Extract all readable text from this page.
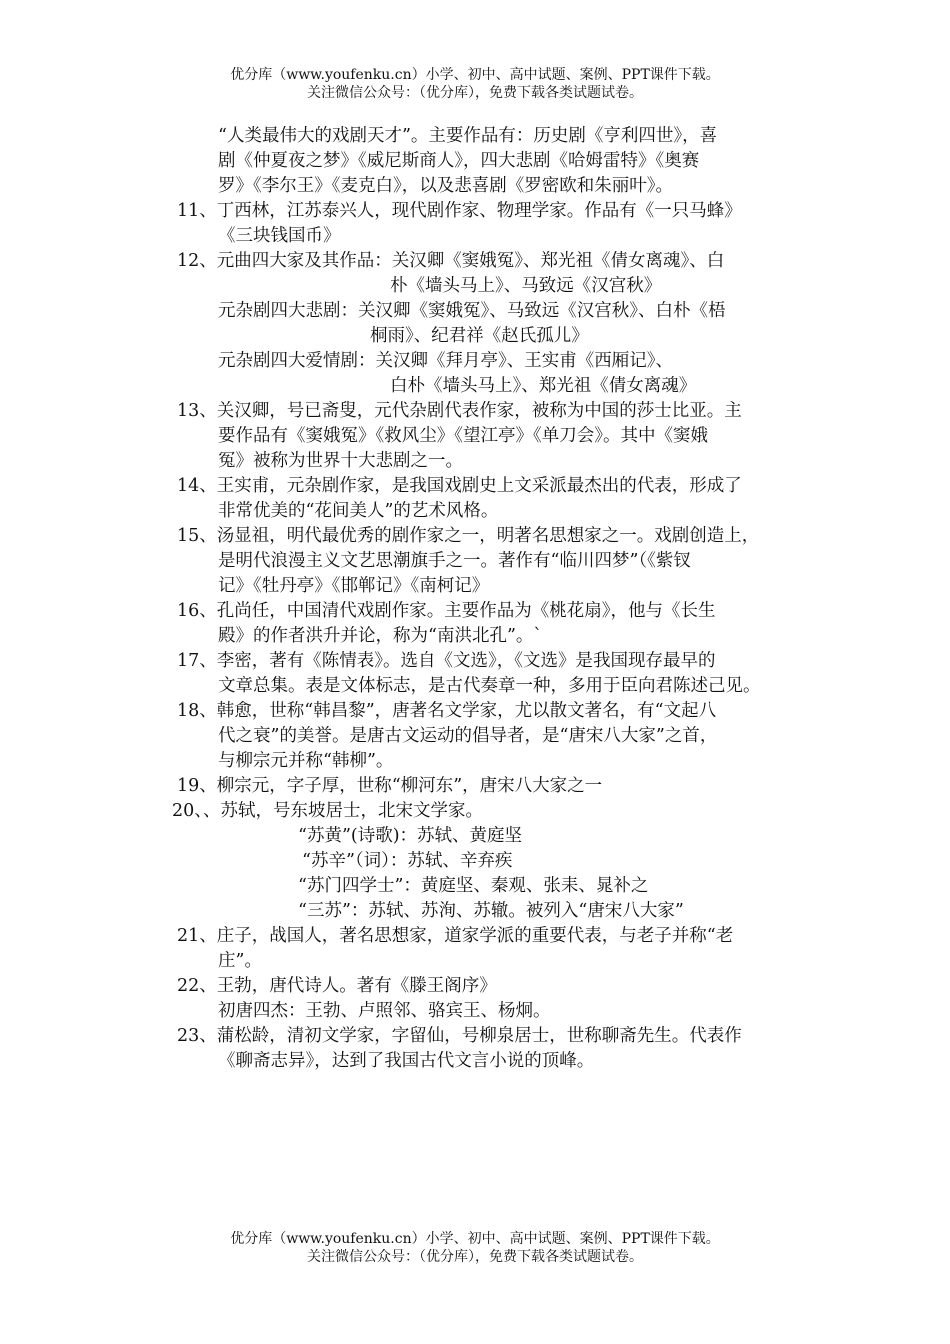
优分库（www.youfenku.cn）小学、初中、高中试题、案例、PPT课件下载。
关注微信公众号：（优分库），免费下载各类试题试卷。
“人类最伟大的戏剧天才”。主要作品有：历史剧《亨利四世》，喜
剧《仲夏夜之梦》《威尼斯商人》，四大悲剧《哈姆雷特》《奥赛
罗》《李尔王》《麦克白》，以及悲喜剧《罗密欧和朱丽叶》。
11、丁西林，江苏泰兴人，现代剧作家、物理学家。作品有《一只马蜂》
《三块钱国币》
12、元曲四大家及其作品：关汉卿《窦娥冤》、郑光祖《倩女离魂》、白
朴《墙头马上》、马致远《汉宫秋》
元杂剧四大悲剧：关汉卿《窦娥冤》、马致远《汉宫秋》、白朴《梧
桐雨》、纪君祥《赵氏孤儿》
元杂剧四大爱情剧：关汉卿《拜月亭》、王实甫《西厢记》、
白朴《墙头马上》、郑光祖《倩女离魂》
13、关汉卿，号已斋叟，元代杂剧代表作家，被称为中国的莎士比亚。主
要作品有《窦娥冤》《救风尘》《望江亭》《单刀会》。其中《窦娥
冤》被称为世界十大悲剧之一。
14、王实甫，元杂剧作家，是我国戏剧史上文采派最杰出的代表，形成了
非常优美的“花间美人”的艺术风格。
15、汤显祖，明代最优秀的剧作家之一，明著名思想家之一。戏剧创造上，
是明代浪漫主义文艺思潮旗手之一。著作有“临川四梦”（《紫钗
记》《牡丹亭》《邯郸记》《南柯记》
16、孔尚任，中国清代戏剧作家。主要作品为《桃花扇》，他与《长生
殿》的作者洪升并论，称为“南洪北孔”。`
17、李密，著有《陈情表》。选自《文选》，《文选》是我国现存最早的
文章总集。表是文体标志，是古代奏章一种，多用于臣向君陈述己见。
18、韩愈，世称“韩昌黎”，唐著名文学家，尤以散文著名，有“文起八
代之衰”的美誉。是唐古文运动的倡导者，是“唐宋八大家”之首，
与柳宗元并称“韩柳”。
19、柳宗元，字子厚，世称“柳河东”，唐宋八大家之一
20、、苏轼，号东坡居士，北宋文学家。
“苏黄”(诗歌)：苏轼、黄庭坚
“苏辛”（词）：苏轼、辛弃疾
“苏门四学士”：黄庭坚、秦观、张耒、晁补之
“三苏”：苏轼、苏洵、苏辙。被列入“唐宋八大家”
21、庄子，战国人，著名思想家，道家学派的重要代表，与老子并称“老
庄”。
22、王勃，唐代诗人。著有《滕王阁序》
初唐四杰：王勃、卢照邻、骆宾王、杨炯。
23、蒲松龄，清初文学家，字留仙，号柳泉居士，世称聊斋先生。代表作
《聊斋志异》，达到了我国古代文言小说的顶峰。
优分库（www.youfenku.cn）小学、初中、高中试题、案例、PPT课件下载。
关注微信公众号：（优分库），免费下载各类试题试卷。
